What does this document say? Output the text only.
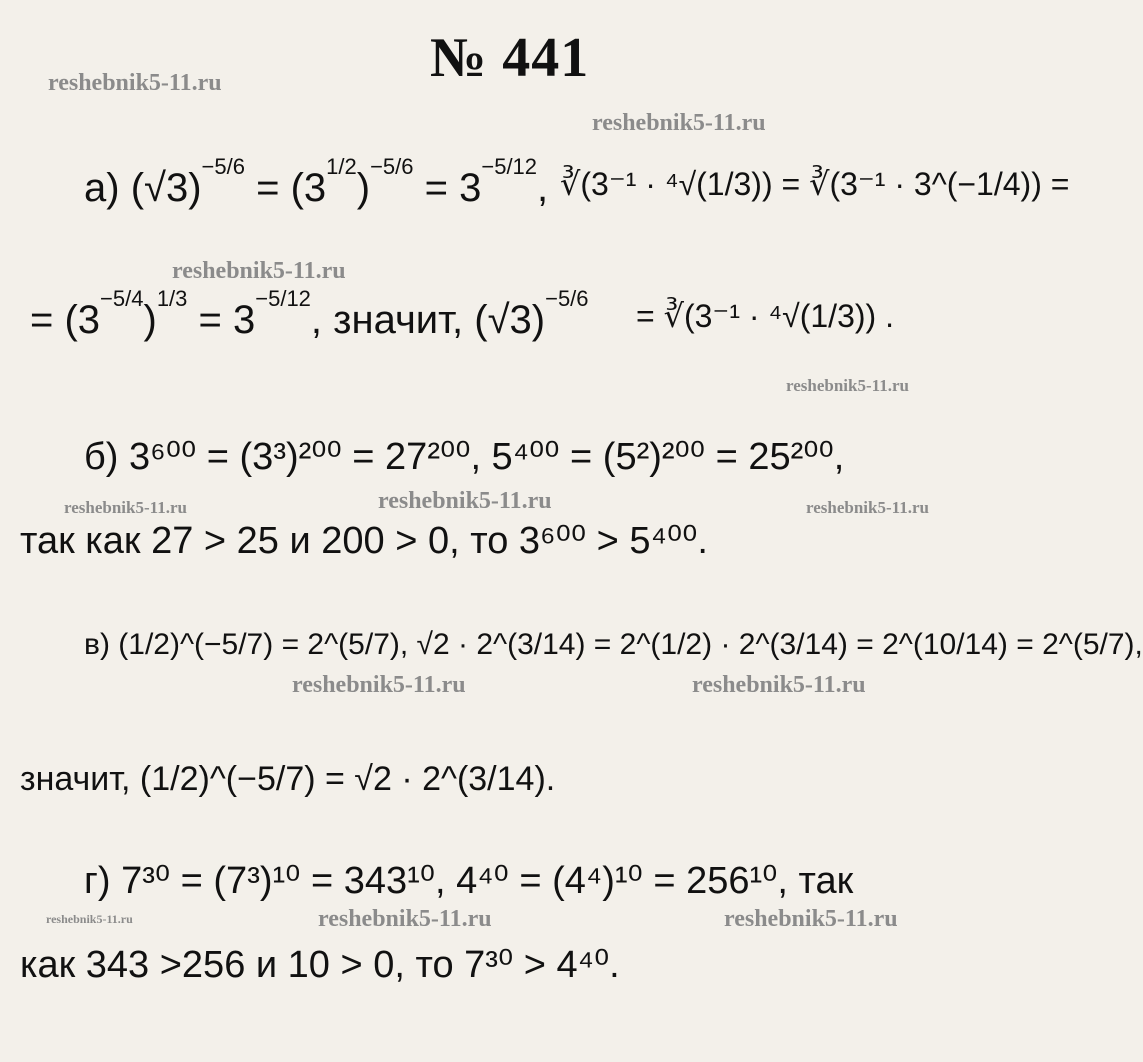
№ 441
reshebnik5-11.ru
reshebnik5-11.ru
reshebnik5-11.ru
reshebnik5-11.ru
reshebnik5-11.ru	reshebnik5-11.ru	reshebnik5-11.ru
reshebnik5-11.ru	reshebnik5-11.ru
reshebnik5-11.ru	reshebnik5-11.ru	reshebnik5-11.ru
а) $(√3)^{-5/6} = (3^{1/2})^{-5/6} = 3^{-5/12}$, ∛(3⁻¹ · ⁴√(1/3)) = ∛(3⁻¹ · 3^(−1/4)) =
= $(3^{-5/4})^{1/3} = 3^{-5/12}$, значит, $(√3)^{-5/6}$ = ∛(3⁻¹ · ⁴√(1/3)) .
б) 3⁶⁰⁰ = (3³)²⁰⁰ = 27²⁰⁰, 5⁴⁰⁰ = (5²)²⁰⁰ = 25²⁰⁰,
так как 27 > 25 и 200 > 0, то 3⁶⁰⁰ > 5⁴⁰⁰.
в) (1/2)^(−5/7) = 2^(5/7), √2 · 2^(3/14) = 2^(1/2) · 2^(3/14) = 2^(10/14) = 2^(5/7),
значит, (1/2)^(−5/7) = √2 · 2^(3/14).
г) 7³⁰ = (7³)¹⁰ = 343¹⁰, 4⁴⁰ = (4⁴)¹⁰ = 256¹⁰, так
как 343 >256 и 10 > 0, то 7³⁰ > 4⁴⁰.
